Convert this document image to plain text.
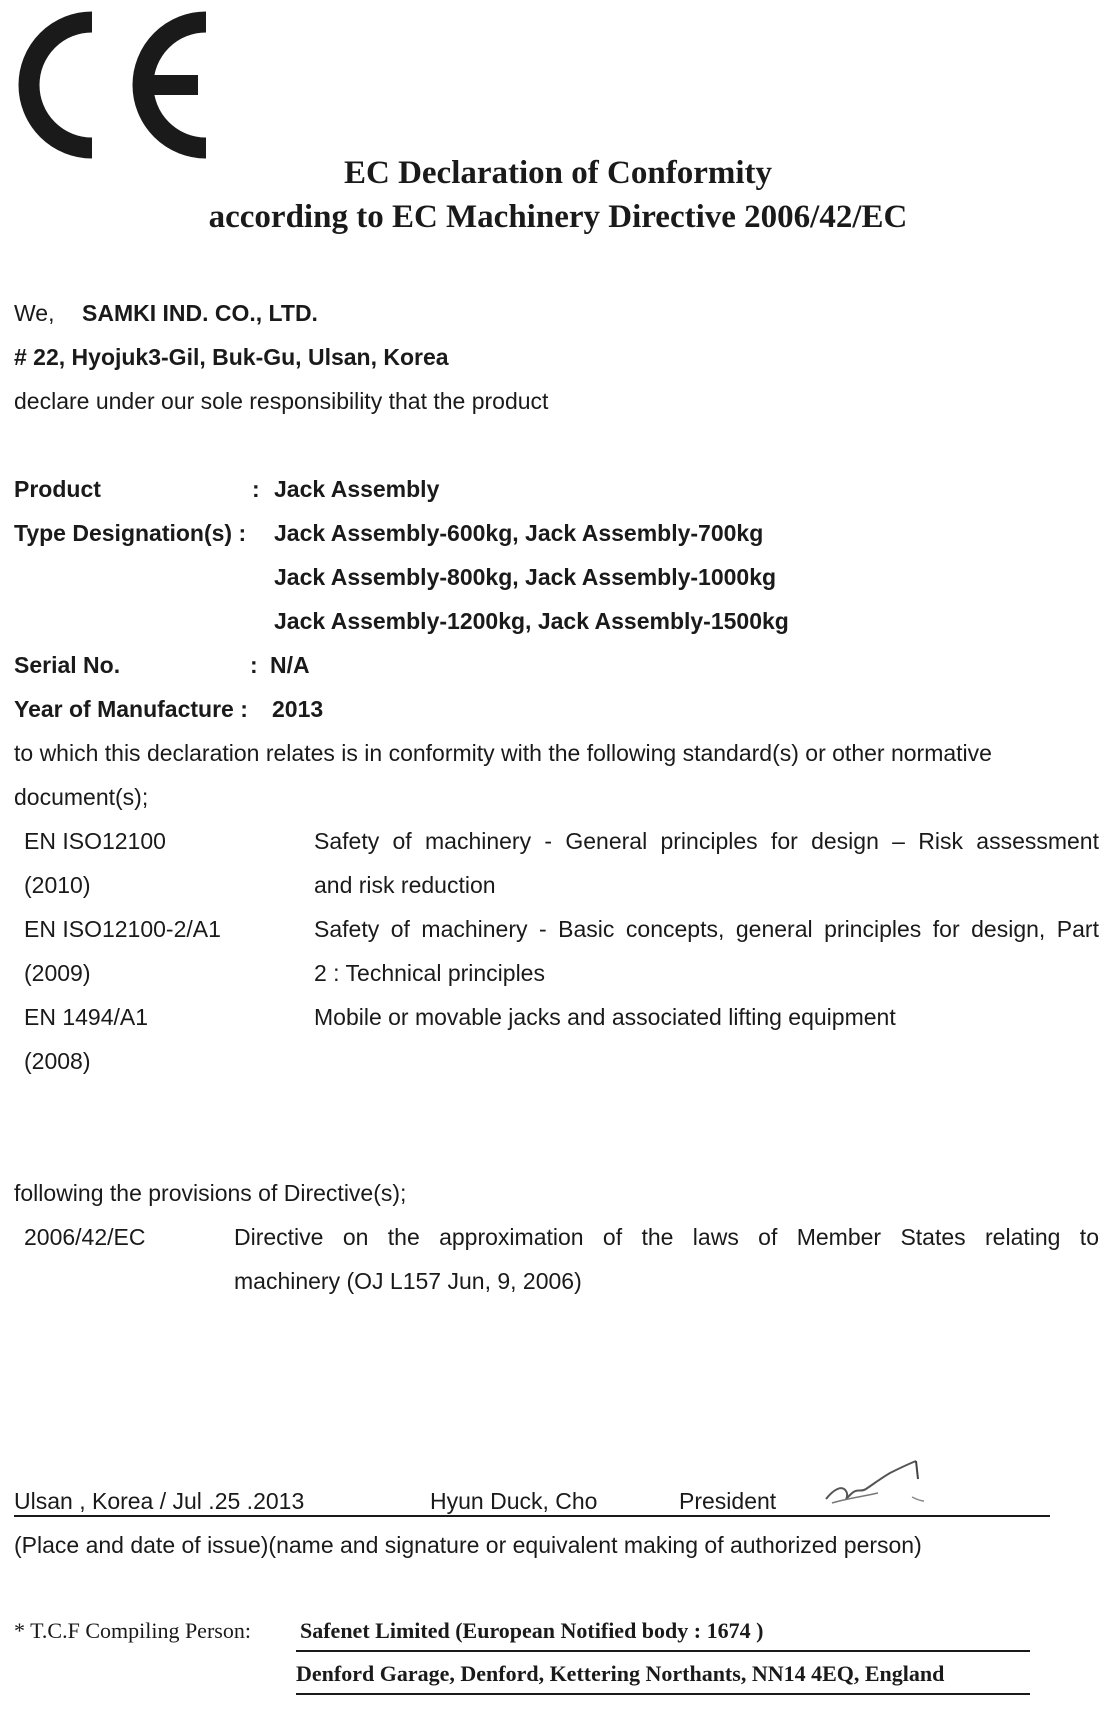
EC Declaration of Conformity
according to EC Machinery Directive 2006/42/EC
We, SAMKI IND. CO., LTD.
# 22, Hyojuk3-Gil, Buk-Gu, Ulsan, Korea
declare under our sole responsibility that the product
Product	: Jack Assembly
Type Designation(s) : Jack Assembly-600kg, Jack Assembly-700kg
Jack Assembly-800kg, Jack Assembly-1000kg
Jack Assembly-1200kg, Jack Assembly-1500kg
Serial No.	: N/A
Year of Manufacture : 2013
to which this declaration relates is in conformity with the following standard(s) or other normative
document(s);
EN ISO12100	Safety of machinery - General principles for design – Risk assessment
(2010)	and risk reduction
EN ISO12100-2/A1	Safety of machinery - Basic concepts, general principles for design, Part
(2009)	2 : Technical principles
EN 1494/A1	Mobile or movable jacks and associated lifting equipment
(2008)
following the provisions of Directive(s);
2006/42/EC	Directive on the approximation of the laws of Member States relating to
machinery (OJ L157 Jun, 9, 2006)
Ulsan , Korea / Jul .25 .2013	Hyun Duck, Cho	President
(Place and date of issue)(name and signature or equivalent making of authorized person)
* T.C.F Compiling Person: Safenet Limited (European Notified body : 1674 )
Denford Garage, Denford, Kettering Northants, NN14 4EQ, England
